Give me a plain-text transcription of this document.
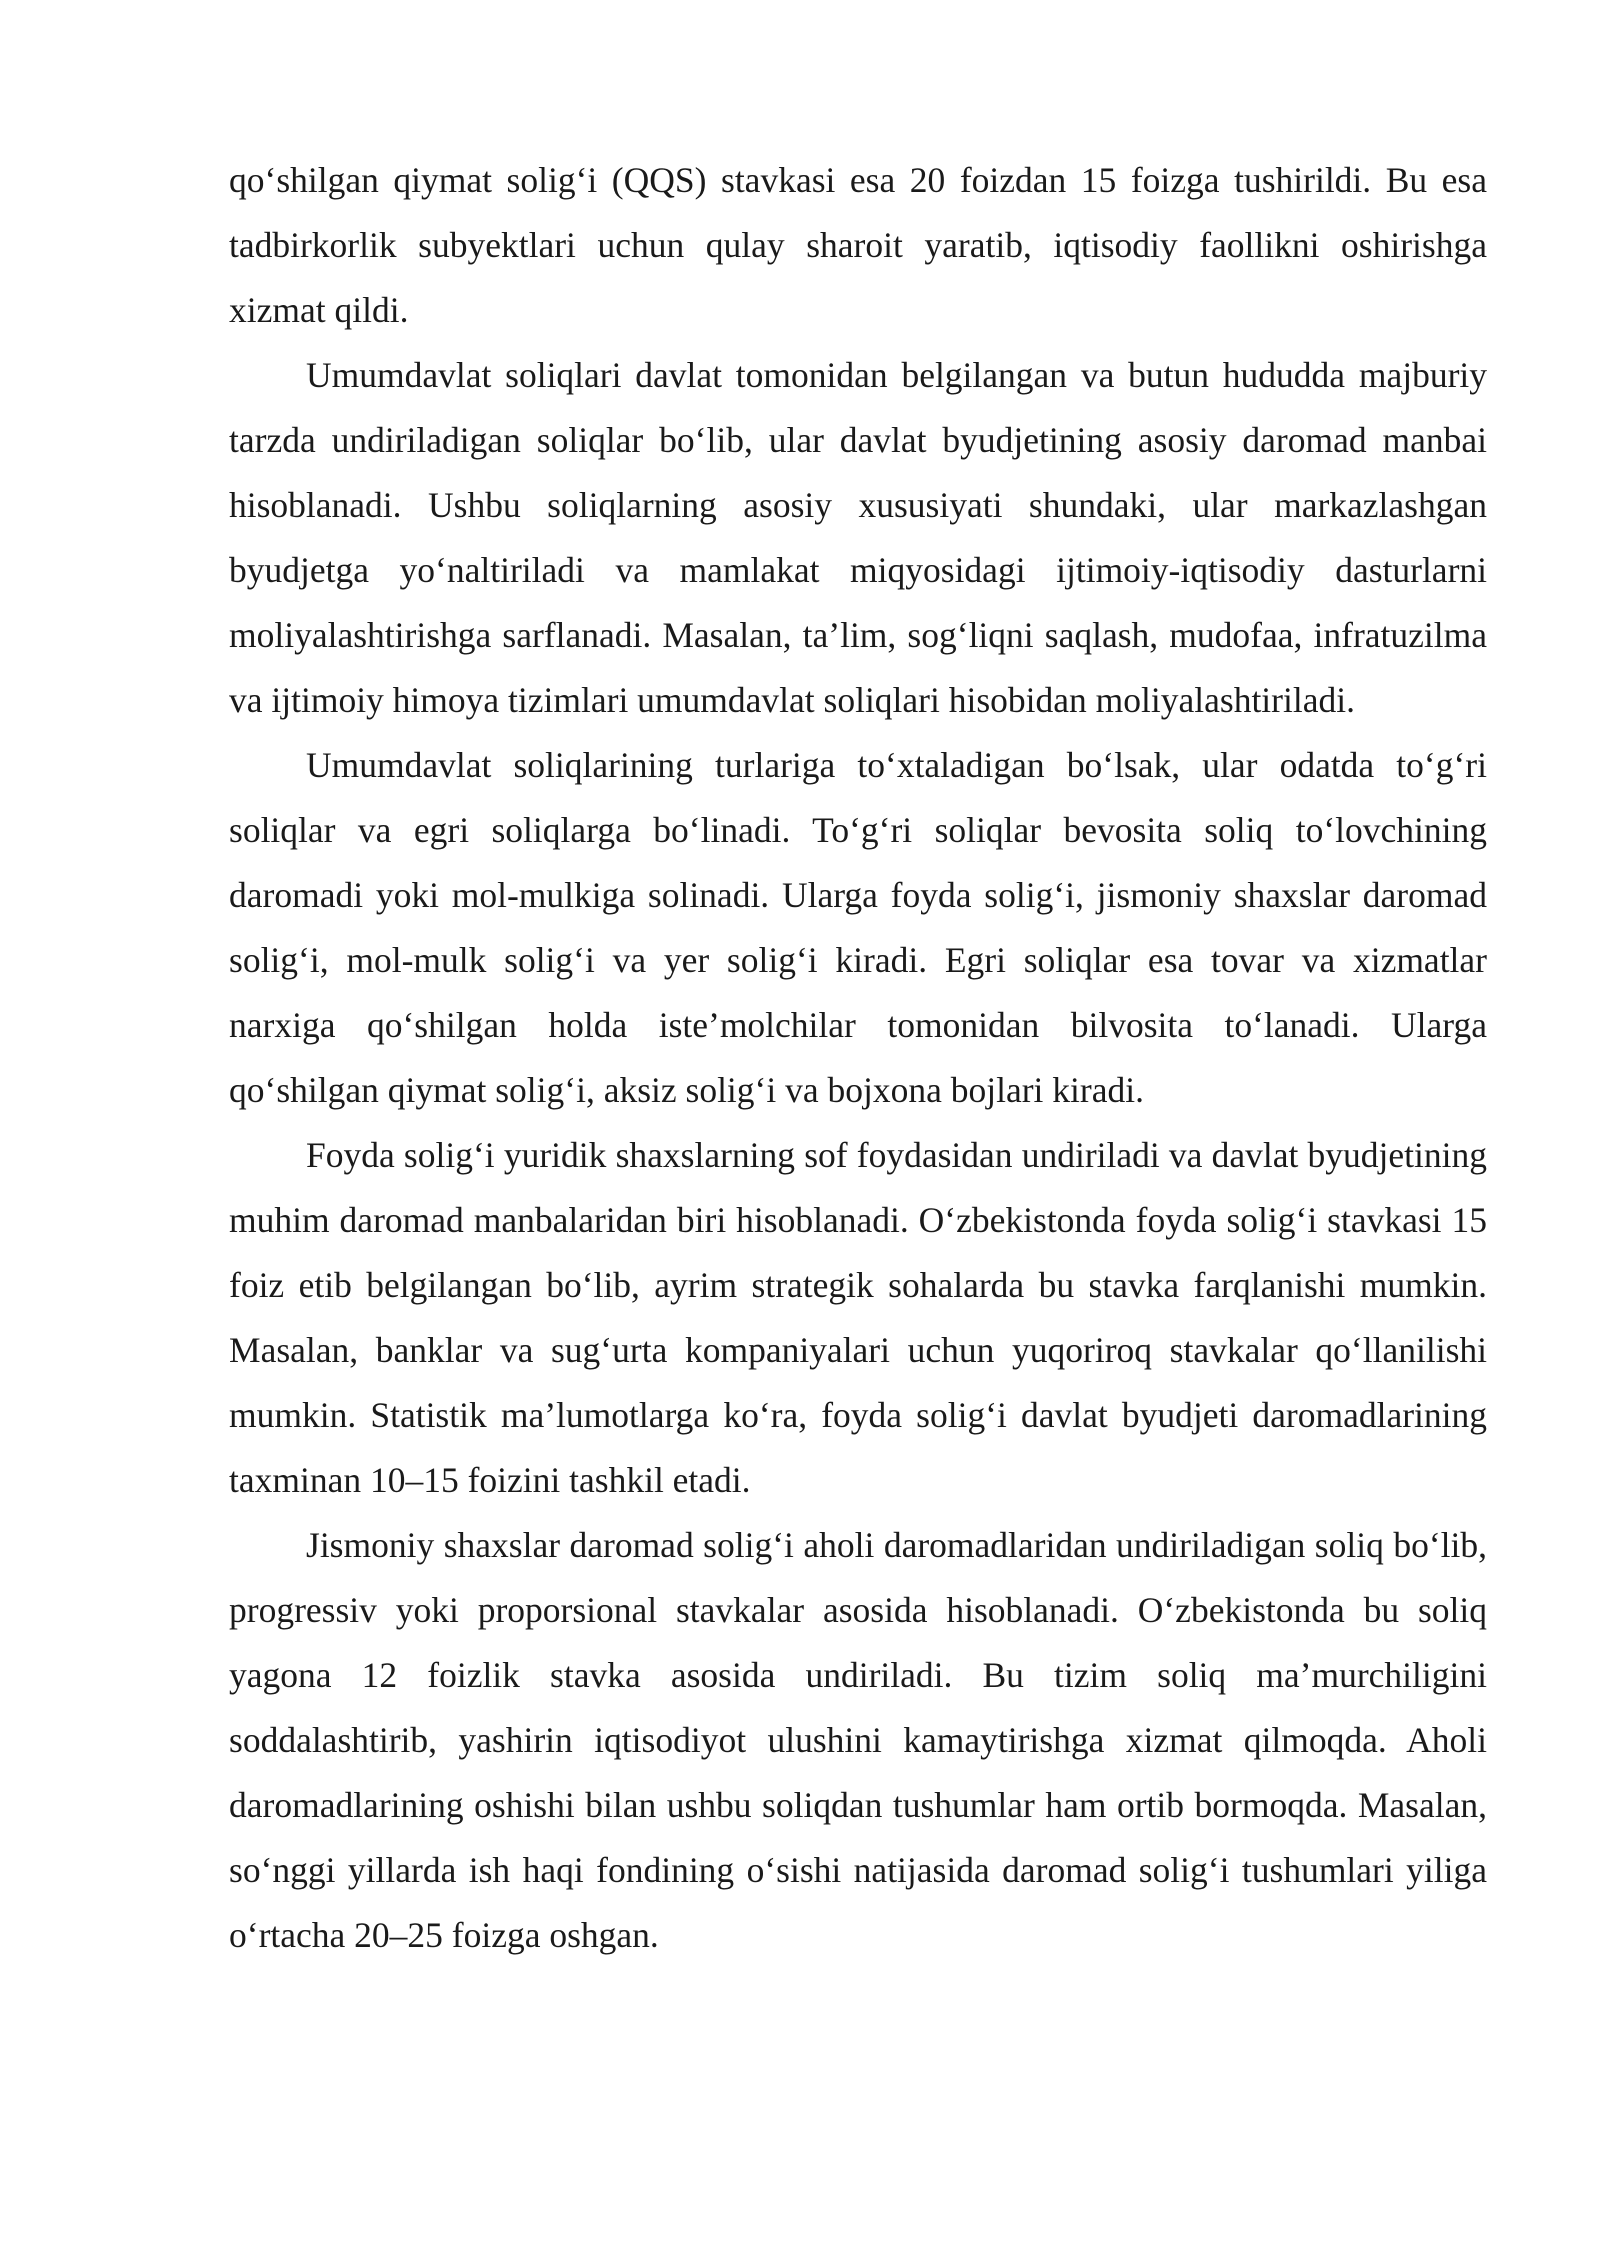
qo‘shilgan qiymat solig‘i (QQS) stavkasi esa 20 foizdan 15 foizga tushirildi. Bu esa tadbirkorlik subyektlari uchun qulay sharoit yaratib, iqtisodiy faollikni oshirishga xizmat qildi.

Umumdavlat soliqlari davlat tomonidan belgilangan va butun hududda majburiy tarzda undiriladigan soliqlar bo‘lib, ular davlat byudjetining asosiy daromad manbai hisoblanadi. Ushbu soliqlarning asosiy xususiyati shundaki, ular markazlashgan byudjetga yo‘naltiriladi va mamlakat miqyosidagi ijtimoiy-iqtisodiy dasturlarni moliyalashtirishga sarflanadi. Masalan, ta’lim, sog‘liqni saqlash, mudofaa, infratuzilma va ijtimoiy himoya tizimlari umumdavlat soliqlari hisobidan moliyalashtiriladi.

Umumdavlat soliqlarining turlariga to‘xtaladigan bo‘lsak, ular odatda to‘g‘ri soliqlar va egri soliqlarga bo‘linadi. To‘g‘ri soliqlar bevosita soliq to‘lovchining daromadi yoki mol-mulkiga solinadi. Ularga foyda solig‘i, jismoniy shaxslar daromad solig‘i, mol-mulk solig‘i va yer solig‘i kiradi. Egri soliqlar esa tovar va xizmatlar narxiga qo‘shilgan holda iste’molchilar tomonidan bilvosita to‘lanadi. Ularga qo‘shilgan qiymat solig‘i, aksiz solig‘i va bojxona bojlari kiradi.

Foyda solig‘i yuridik shaxslarning sof foydasidan undiriladi va davlat byudjetining muhim daromad manbalaridan biri hisoblanadi. O‘zbekistonda foyda solig‘i stavkasi 15 foiz etib belgilangan bo‘lib, ayrim strategik sohalarda bu stavka farqlanishi mumkin. Masalan, banklar va sug‘urta kompaniyalari uchun yuqoriroq stavkalar qo‘llanilishi mumkin. Statistik ma’lumotlarga ko‘ra, foyda solig‘i davlat byudjeti daromadlarining taxminan 10–15 foizini tashkil etadi.

Jismoniy shaxslar daromad solig‘i aholi daromadlaridan undiriladigan soliq bo‘lib, progressiv yoki proporsional stavkalar asosida hisoblanadi. O‘zbekistonda bu soliq yagona 12 foizlik stavka asosida undiriladi. Bu tizim soliq ma’murchiligini soddalashtirib, yashirin iqtisodiyot ulushini kamaytirishga xizmat qilmoqda. Aholi daromadlarining oshishi bilan ushbu soliqdan tushumlar ham ortib bormoqda. Masalan, so‘nggi yillarda ish haqi fondining o‘sishi natijasida daromad solig‘i tushumlari yiliga o‘rtacha 20–25 foizga oshgan.
